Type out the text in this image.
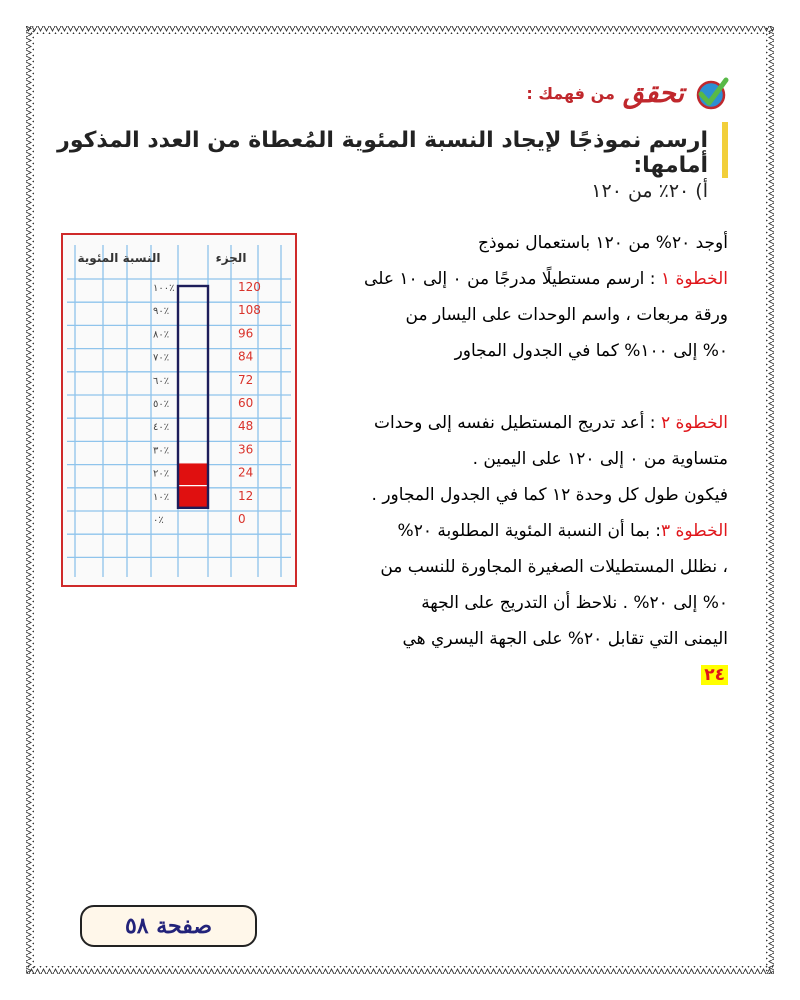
تحقق
من فهمك :
ارسم نموذجًا لإيجاد النسبة المئوية المُعطاة من العدد المذكور أمامها:
أ) ٢٠٪ من ١٢٠

أوجد ٢٠% من ١٢٠ باستعمال نموذج

الخطوة ١ : ارسم مستطيلًا مدرجًا من ٠ إلى ١٠ على

ورقة مربعات ، واسم الوحدات على اليسار من

٠% إلى ١٠٠% كما في الجدول المجاور

الخطوة ٢ : أعد تدريج المستطيل نفسه إلى وحدات

متساوية من ٠ إلى ١٢٠ على اليمين .

فيكون طول كل وحدة ١٢ كما في الجدول المجاور .

الخطوة ٣: بما أن النسبة المئوية المطلوبة ٢٠%

، نظلل المستطيلات الصغيرة المجاورة للنسب من

٠% إلى ٢٠% . نلاحظ أن التدريج على الجهة

اليمنى التي تقابل ٢٠% على الجهة اليسري هي

٢٤

الجزء
النسبة المئوية
120
108
96
84
72
60
48
36
24
12
0
٪١٠٠
٪٩٠
٪٨٠
٪٧٠
٪٦٠
٪٥٠
٪٤٠
٪٣٠
٪٢٠
٪١٠
٪٠
صفحة ٥٨
